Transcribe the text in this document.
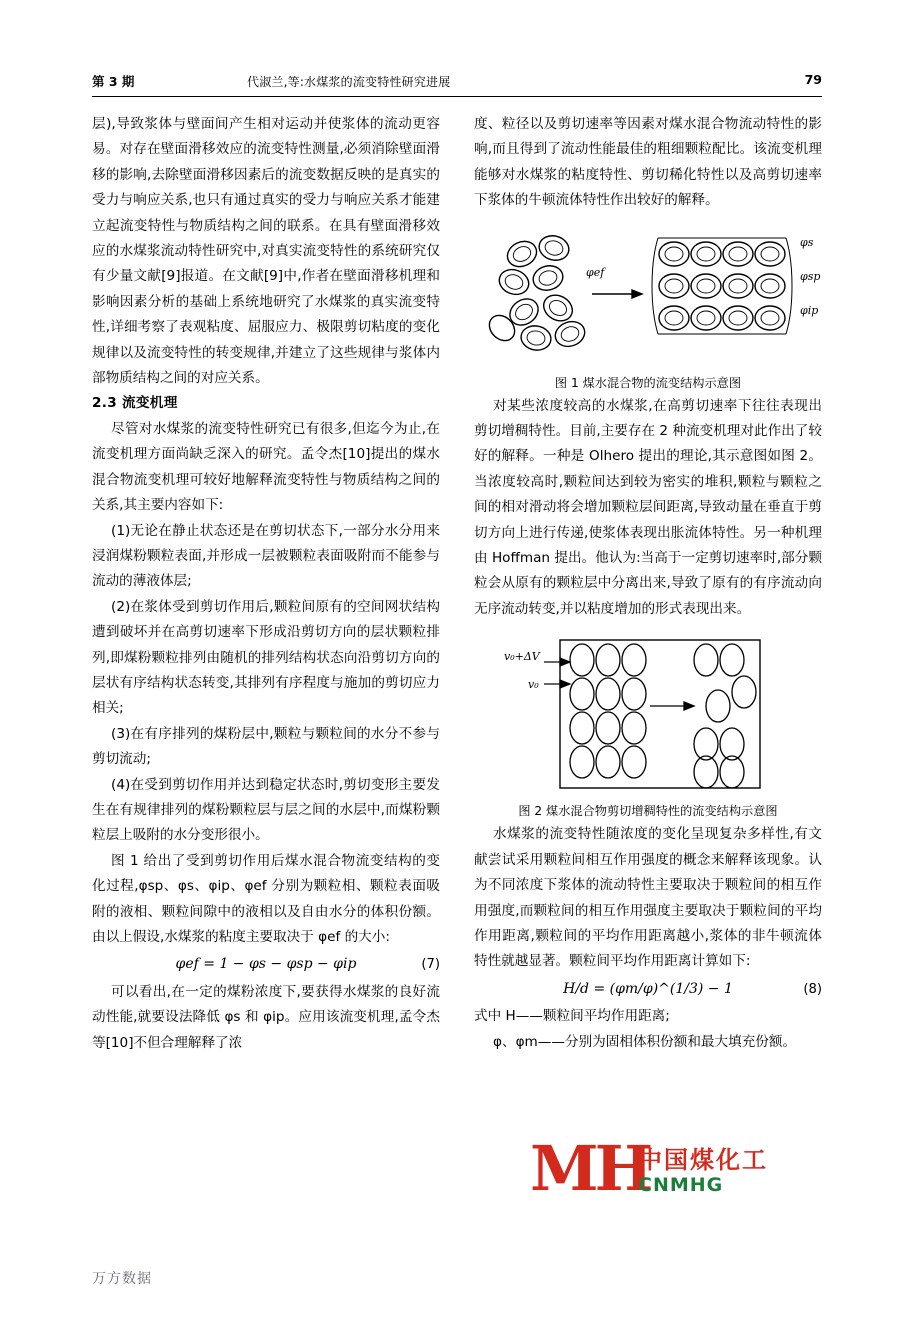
第 3 期	代淑兰,等:水煤浆的流变特性研究进展	79

层),导致浆体与壁面间产生相对运动并使浆体的流动更容易。对存在壁面滑移效应的流变特性测量,必须消除壁面滑移的影响,去除壁面滑移因素后的流变数据反映的是真实的受力与响应关系,也只有通过真实的受力与响应关系才能建立起流变特性与物质结构之间的联系。在具有壁面滑移效应的水煤浆流动特性研究中,对真实流变特性的系统研究仅有少量文献[9]报道。在文献[9]中,作者在壁面滑移机理和影响因素分析的基础上系统地研究了水煤浆的真实流变特性,详细考察了表观粘度、屈服应力、极限剪切粘度的变化规律以及流变特性的转变规律,并建立了这些规律与浆体内部物质结构之间的对应关系。

2.3 流变机理

尽管对水煤浆的流变特性研究已有很多,但迄今为止,在流变机理方面尚缺乏深入的研究。孟令杰[10]提出的煤水混合物流变机理可较好地解释流变特性与物质结构之间的关系,其主要内容如下:

(1)无论在静止状态还是在剪切状态下,一部分水分用来浸润煤粉颗粒表面,并形成一层被颗粒表面吸附而不能参与流动的薄液体层;

(2)在浆体受到剪切作用后,颗粒间原有的空间网状结构遭到破坏并在高剪切速率下形成沿剪切方向的层状颗粒排列,即煤粉颗粒排列由随机的排列结构状态向沿剪切方向的层状有序结构状态转变,其排列有序程度与施加的剪切应力相关;

(3)在有序排列的煤粉层中,颗粒与颗粒间的水分不参与剪切流动;

(4)在受到剪切作用并达到稳定状态时,剪切变形主要发生在有规律排列的煤粉颗粒层与层之间的水层中,而煤粉颗粒层上吸附的水分变形很小。

图 1 给出了受到剪切作用后煤水混合物流变结构的变化过程,φsp、φs、φip、φef 分别为颗粒相、颗粒表面吸附的液相、颗粒间隙中的液相以及自由水分的体积份额。由以上假设,水煤浆的粘度主要取决于 φef 的大小:

φef = 1 − φs − φsp − φip	(7)

可以看出,在一定的煤粉浓度下,要获得水煤浆的良好流动性能,就要设法降低 φs 和 φip。应用该流变机理,孟令杰等[10]不但合理解释了浓

度、粒径以及剪切速率等因素对煤水混合物流动特性的影响,而且得到了流动性能最佳的粗细颗粒配比。该流变机理能够对水煤浆的粘度特性、剪切稀化特性以及高剪切速率下浆体的牛顿流体特性作出较好的解释。

φef
φs
φsp
φip

图 1 煤水混合物的流变结构示意图

对某些浓度较高的水煤浆,在高剪切速率下往往表现出剪切增稠特性。目前,主要存在 2 种流变机理对此作出了较好的解释。一种是 Olhero 提出的理论,其示意图如图 2。当浓度较高时,颗粒间达到较为密实的堆积,颗粒与颗粒之间的相对滑动将会增加颗粒层间距离,导致动量在垂直于剪切方向上进行传递,使浆体表现出胀流体特性。另一种机理由 Hoffman 提出。他认为:当高于一定剪切速率时,部分颗粒会从原有的颗粒层中分离出来,导致了原有的有序流动向无序流动转变,并以粘度增加的形式表现出来。

v₀+ΔV
v₀

图 2 煤水混合物剪切增稠特性的流变结构示意图

水煤浆的流变特性随浓度的变化呈现复杂多样性,有文献尝试采用颗粒间相互作用强度的概念来解释该现象。认为不同浓度下浆体的流动特性主要取决于颗粒间的相互作用强度,而颗粒间的相互作用强度主要取决于颗粒间的平均作用距离,颗粒间的平均作用距离越小,浆体的非牛顿流体特性就越显著。颗粒间平均作用距离计算如下:

H/d = (φm/φ)^(1/3) − 1	(8)

式中 H——颗粒间平均作用距离;

φ、φm——分别为固相体积份额和最大填充份额。

MH
中国煤化工
CNMHG
万方数据
